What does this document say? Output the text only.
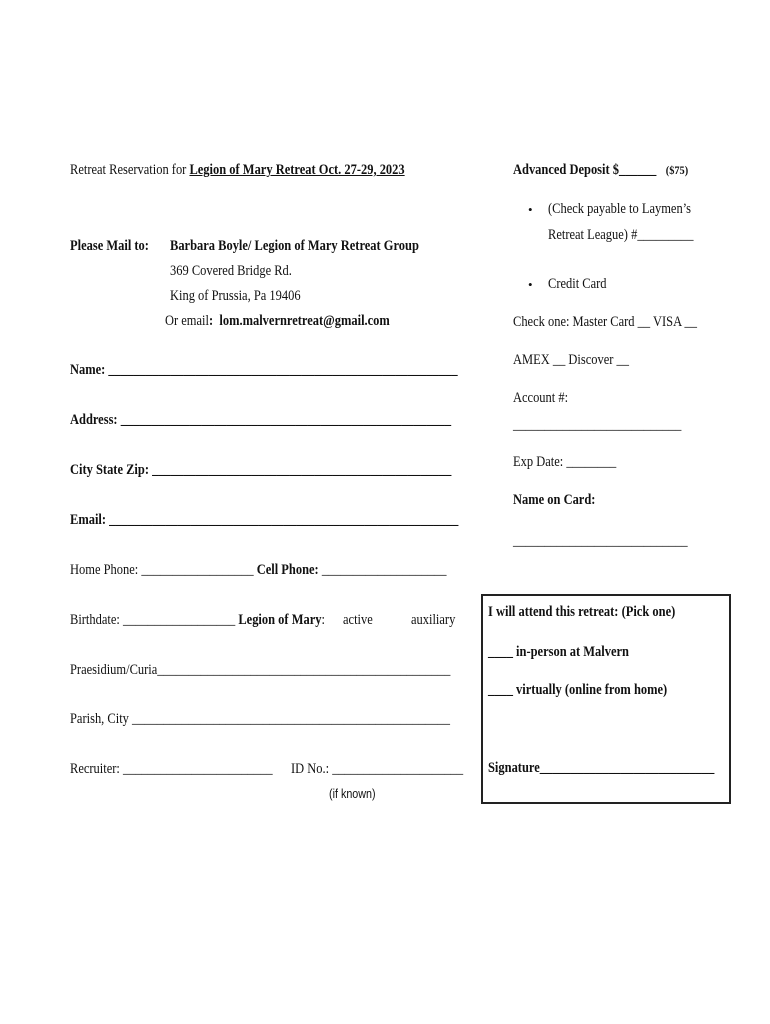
Retreat Reservation for Legion of Mary Retreat Oct. 27-29, 2023
Please Mail to:	Barbara Boyle/ Legion of Mary Retreat Group
369 Covered Bridge Rd.
King of Prussia, Pa 19406
Or email: lom.malvernretreat@gmail.com
Name: ________________________________________________________
Address: _____________________________________________________
City State Zip: ________________________________________________
Email: ________________________________________________________
Home Phone: __________________ Cell Phone: ____________________
Birthdate: __________________ Legion of Mary:	active	auxiliary
Praesidium/Curia_______________________________________________
Parish, City ___________________________________________________
Recruiter: ________________________	ID No.: _____________________
(if known)
Advanced Deposit $______ ($75)
• (Check payable to Laymen’s
Retreat League) #_________
• Credit Card
Check one: Master Card __ VISA __
AMEX __ Discover __
Account #:
___________________________
Exp Date: ________
Name on Card:
____________________________
I will attend this retreat: (Pick one)
____ in-person at Malvern
____ virtually (online from home)
Signature____________________________
